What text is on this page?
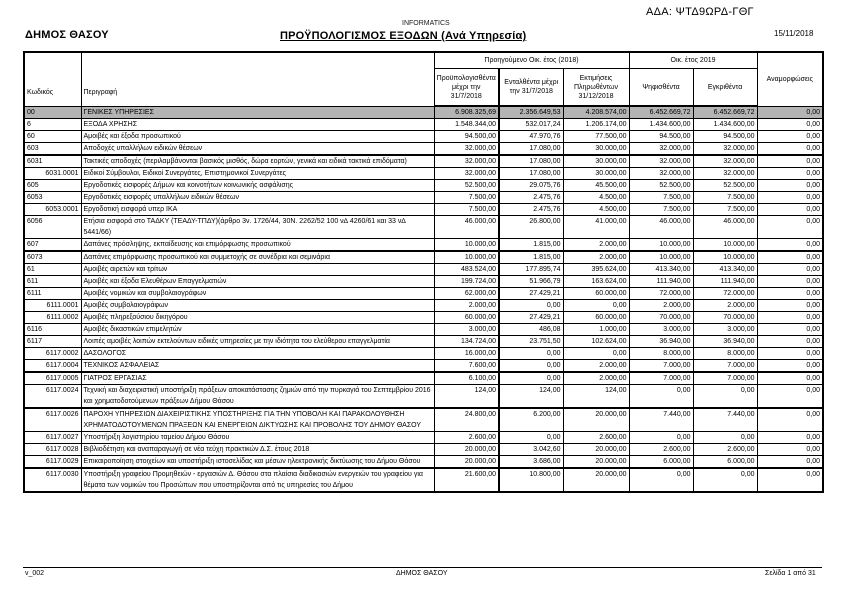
ΑΔΑ: ΨΤΔ9ΩΡΔ-ΓΘΓ
ΔΗΜΟΣ ΘΑΣΟΥ	ΠΡΟΫΠΟΛΟΓΙΣΜΟΣ ΕΞΟΔΩΝ (Ανά Υπηρεσία)
INFORMATICS
15/11/2018
Κωδικός	Περιγραφή	Προηγούμενο Οικ. έτος (2018)			Οικ. έτος 2019		Αναμορφώσεις
		Προϋπολογισθέντα μέχρι την 31/7/2018	Ενταλθέντα μέχρι την 31/7/2018	Εκτιμήσεις Πληρωθέντων 31/12/2018	Ψηφισθέντα	Εγκριθέντα	
00	ΓΕΝΙΚΕΣ ΥΠΗΡΕΣΙΕΣ	6.908.325,69	2.356.649,53	4.208.574,00	6.452.669,72	6.452.669,72	0,00
6	ΕΞΟΔΑ ΧΡΗΣΗΣ	1.548.344,00	532.017,24	1.206.174,00	1.434.600,00	1.434.600,00	0,00
60	Αμοιβές και έξοδα προσωπικού	94.500,00	47.970,76	77.500,00	94.500,00	94.500,00	0,00
603	Αποδοχές υπαλλήλων ειδικών θέσεων	32.000,00	17.080,00	30.000,00	32.000,00	32.000,00	0,00
6031	Τακτικές αποδοχές (περιλαμβάνονται βασικός μισθός, δώρα εορτών, γενικά και ειδικά τακτικά επιδόματα)	32.000,00	17.080,00	30.000,00	32.000,00	32.000,00	0,00
6031.0001	Ειδικοί Σύμβουλοι, Ειδικοί Συνεργάτες, Επιστημονικοί Συνεργάτες	32.000,00	17.080,00	30.000,00	32.000,00	32.000,00	0,00
605	Εργοδοτικές εισφορές Δήμων και κοινοτήτων κοινωνικής ασφάλισης	52.500,00	29.075,76	45.500,00	52.500,00	52.500,00	0,00
6053	Εργοδοτικές εισφορές υπαλλήλων ειδικών θέσεων	7.500,00	2.475,76	4.500,00	7.500,00	7.500,00	0,00
6053.0001	Εργοδοτική εισφορά υπερ ΙΚΑ	7.500,00	2.475,76	4.500,00	7.500,00	7.500,00	0,00
6056	Ετήσια εισφορά στο ΤΑΔΚΥ (ΤΕΑΔΥ-ΤΠΔΥ)(άρθρο 3ν. 1726/44, 30Ν. 2262/52 100 ν∆ 4260/61 και 33 ν∆ 5441/66)	46.000,00	26.800,00	41.000,00	46.000,00	46.000,00	0,00
607	Δαπάνες πρόσληψης, εκπαίδευσης και επιμόρφωσης προσωπικού	10.000,00	1.815,00	2.000,00	10.000,00	10.000,00	0,00
6073	Δαπάνες επιμόρφωσης προσωπικού και συμμετοχής σε συνέδρια και σεμινάρια	10.000,00	1.815,00	2.000,00	10.000,00	10.000,00	0,00
61	Αμοιβές αιρετών και τρίτων	483.524,00	177.895,74	395.624,00	413.340,00	413.340,00	0,00
611	Αμοιβές και έξοδα Ελευθέρων Επαγγελματιών	199.724,00	51.966,79	163.624,00	111.940,00	111.940,00	0,00
6111	Αμοιβές νομικών και συμβολαιογράφων	62.000,00	27.429,21	60.000,00	72.000,00	72.000,00	0,00
6111.0001	Αμοιβές συμβολαιογράφων	2.000,00	0,00	0,00	2.000,00	2.000,00	0,00
6111.0002	Αμοιβές πληρεξούσιου δικηγόρου	60.000,00	27.429,21	60.000,00	70.000,00	70.000,00	0,00
6116	Αμοιβές δικαστικών επιμελητών	3.000,00	486,08	1.000,00	3.000,00	3.000,00	0,00
6117	Λοιπές αμοιβές λοιπών εκτελούντων ειδικές υπηρεσίες με την ιδιότητα του ελεύθερου επαγγελματία	134.724,00	23.751,50	102.624,00	36.940,00	36.940,00	0,00
6117.0002	ΔΑΣΟΛΟΓΟΣ	16.000,00	0,00	0,00	8.000,00	8.000,00	0,00
6117.0004	ΤΕΧΝΙΚΟΣ ΑΣΦΑΛΕΙΑΣ	7.600,00	0,00	2.000,00	7.000,00	7.000,00	0,00
6117.0005	ΓΙΑΤΡΟΣ ΕΡΓΑΣΙΑΣ	6.100,00	0,00	2.000,00	7.000,00	7.000,00	0,00
6117.0024	Τεχνική και διαχειριστική υποστήριξη πράξεων αποκατάστασης ζημιών από την πυρκαγιά του Σεπτεμβρίου 2016 και χρηματοδοτούμενων πράξεων Δήμου Θάσου	124,00	124,00	124,00	0,00	0,00	0,00
6117.0026	ΠΑΡΟΧΗ ΥΠΗΡΕΣΙΩΝ ΔΙΑΧΕΙΡΙΣΤΙΚΗΣ ΥΠΟΣΤΗΡΙΞΗΣ ΓΙΑ ΤΗΝ ΥΠΟΒΟΛΗ ΚΑΙ ΠΑΡΑΚΟΛΟΥΘΗΣΗ ΧΡΗΜΑΤΟΔΟΤΟΥΜΕΝΩΝ ΠΡΑΞΕΩΝ ΚΑΙ ΕΝΕΡΓΕΙΩΝ ΔΙΚΤΥΩΣΗΣ ΚΑΙ ΠΡΟΒΟΛΗΣ ΤΟΥ ΔΗΜΟΥ ΘΑΣΟΥ	24.800,00	6.200,00	20.000,00	7.440,00	7.440,00	0,00
6117.0027	Υποστήριξη λογιστηρίου ταμείου Δήμου Θάσου	2.600,00	0,00	2.600,00	0,00	0,00	0,00
6117.0028	Βιβλιοδέτηση και αναπαραγωγή σε νέα τεύχη πρακτικών Δ.Σ. έτους 2018	20.000,00	3.042,60	20.000,00	2.600,00	2.600,00	0,00
6117.0029	Επικαιροποίηση στοιχείων και υποστήριξη ιστοσελίδας και μέσων ηλεκτρονικής δικτύωσης του Δήμου Θάσου	20.000,00	3.686,00	20.000,00	6.000,00	6.000,00	0,00
6117.0030	Υποστήριξη γραφείου Προμηθειών - εργασιών Δ. Θάσου στα πλαίσια διαδικασιών ενεργειών του γραφείου για θέματα των νομικών του Προσώπων που υποστηρίζονται από τις υπηρεσίες του Δήμου	21.600,00	10.800,00	20.000,00	0,00	0,00	0,00
v_002	ΔΗΜΟΣ ΘΑΣΟΥ	Σελίδα 1 από 31
